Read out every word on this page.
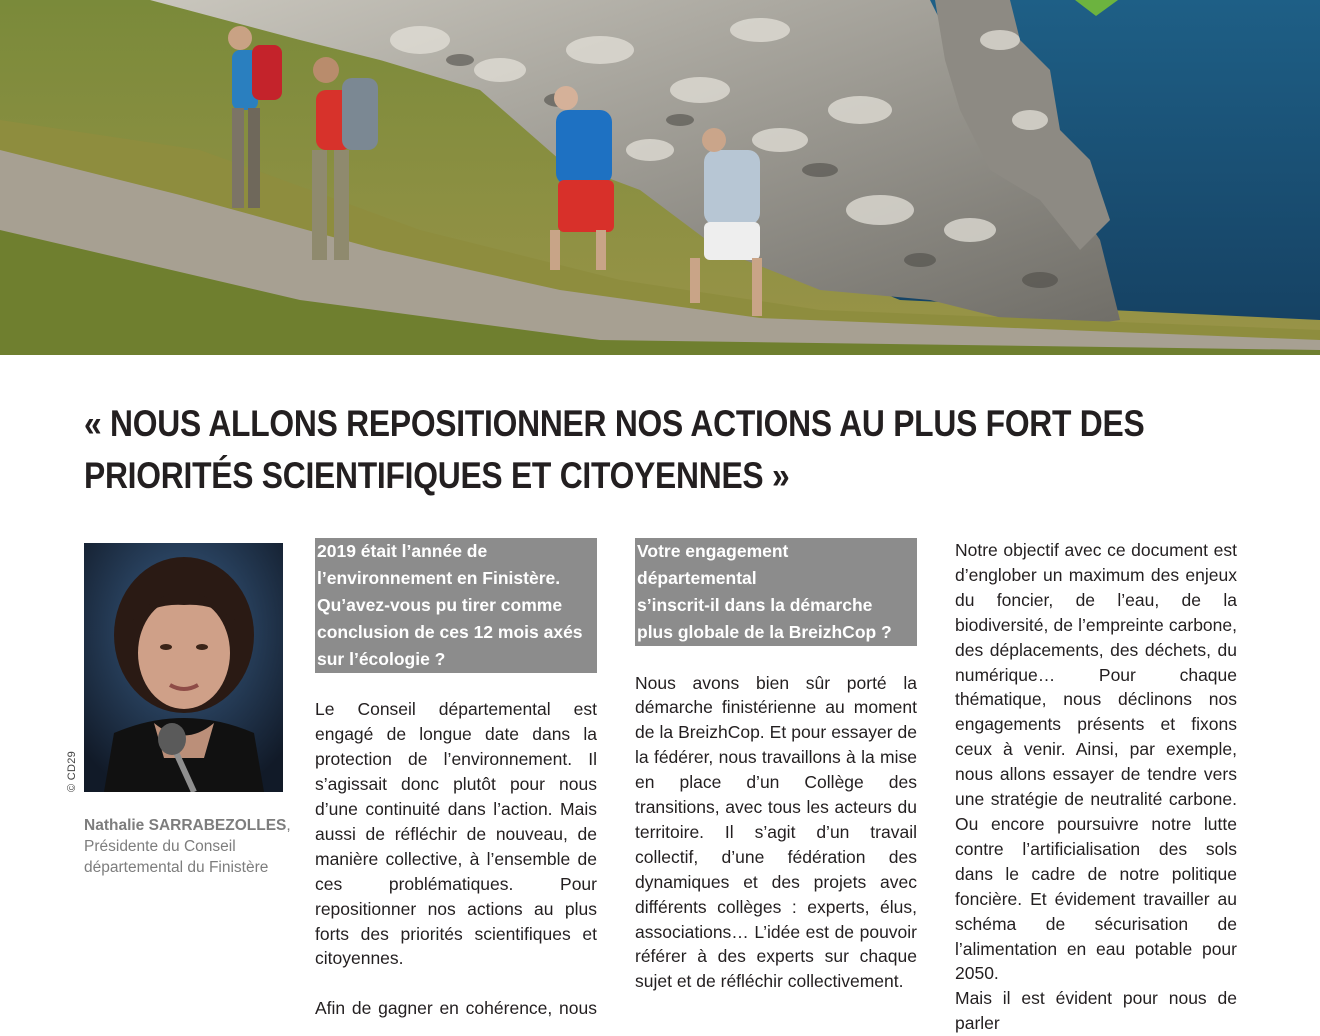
« NOUS ALLONS REPOSITIONNER NOS ACTIONS AU PLUS FORT DES
PRIORITÉS SCIENTIFIQUES ET CITOYENNES »
© CD29
Nathalie SARRABEZOLLES,
Présidente du Conseil
départemental du Finistère
2019 était l’année de
l’environnement en Finistère.
Qu’avez-vous pu tirer comme
conclusion de ces 12 mois axés
sur l’écologie ?

Le Conseil départemental est engagé de longue date dans la protection de l’environnement. Il s’agissait donc plutôt pour nous d’une continuité dans l’action. Mais aussi de réfléchir de nouveau, de manière collective, à l’ensemble de ces problématiques. Pour repositionner nos actions au plus forts des priorités scientifiques et citoyennes.

Afin de gagner en cohérence, nous

Votre engagement
départemental
s’inscrit-il dans la démarche
plus globale de la BreizhCop ?

Nous avons bien sûr porté la démarche finistérienne au moment de la BreizhCop. Et pour essayer de la fédérer, nous travaillons à la mise en place d’un Collège des transitions, avec tous les acteurs du territoire. Il s’agit d’un travail collectif, d’une fédération des dynamiques et des projets avec différents collèges : experts, élus, associations… L’idée est de pouvoir référer à des experts sur chaque sujet et de réfléchir collectivement.

Notre objectif avec ce document est d’englober un maximum des enjeux du foncier, de l’eau, de la biodiversité, de l’empreinte carbone, des déplacements, des déchets, du numérique… Pour chaque thématique, nous déclinons nos engagements présents et fixons ceux à venir. Ainsi, par exemple, nous allons essayer de tendre vers une stratégie de neutralité carbone. Ou encore poursuivre notre lutte contre l’artificialisation des sols dans le cadre de notre politique foncière. Et évidement travailler au schéma de sécurisation de l’alimentation en eau potable pour 2050.

Mais il est évident pour nous de parler
